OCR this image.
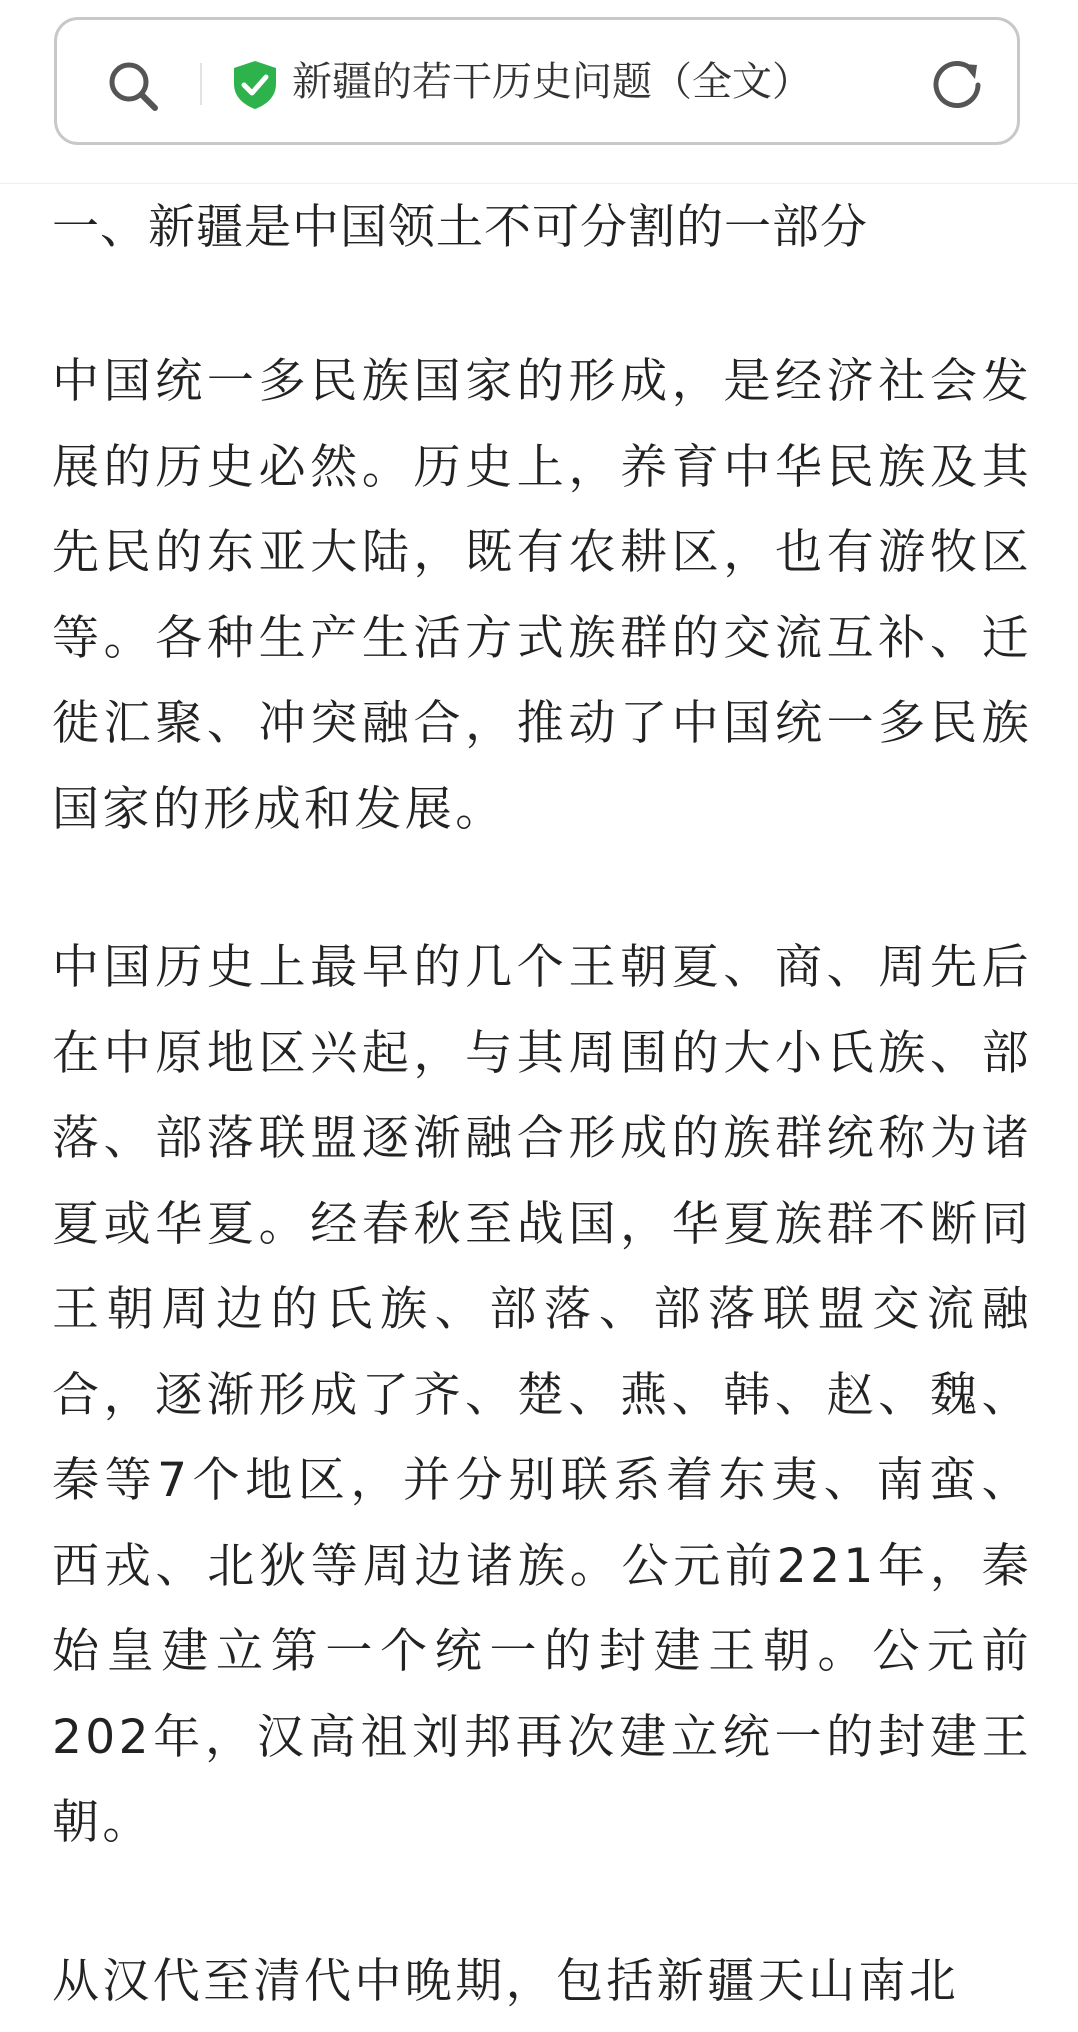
新疆的若干历史问题（全文）
一、新疆是中国领土不可分割的一部分

中国统一多民族国家的形成，是经济社会发展的历史必然。历史上，养育中华民族及其先民的东亚大陆，既有农耕区，也有游牧区等。各种生产生活方式族群的交流互补、迁徙汇聚、冲突融合，推动了中国统一多民族国家的形成和发展。

中国历史上最早的几个王朝夏、商、周先后在中原地区兴起，与其周围的大小氏族、部落、部落联盟逐渐融合形成的族群统称为诸夏或华夏。经春秋至战国，华夏族群不断同王朝周边的氏族、部落、部落联盟交流融合，逐渐形成了齐、楚、燕、韩、赵、魏、秦等7个地区，并分别联系着东夷、南蛮、西戎、北狄等周边诸族。公元前221年，秦始皇建立第一个统一的封建王朝。公元前202年，汉高祖刘邦再次建立统一的封建王朝。

从汉代至清代中晚期，包括新疆天山南北
